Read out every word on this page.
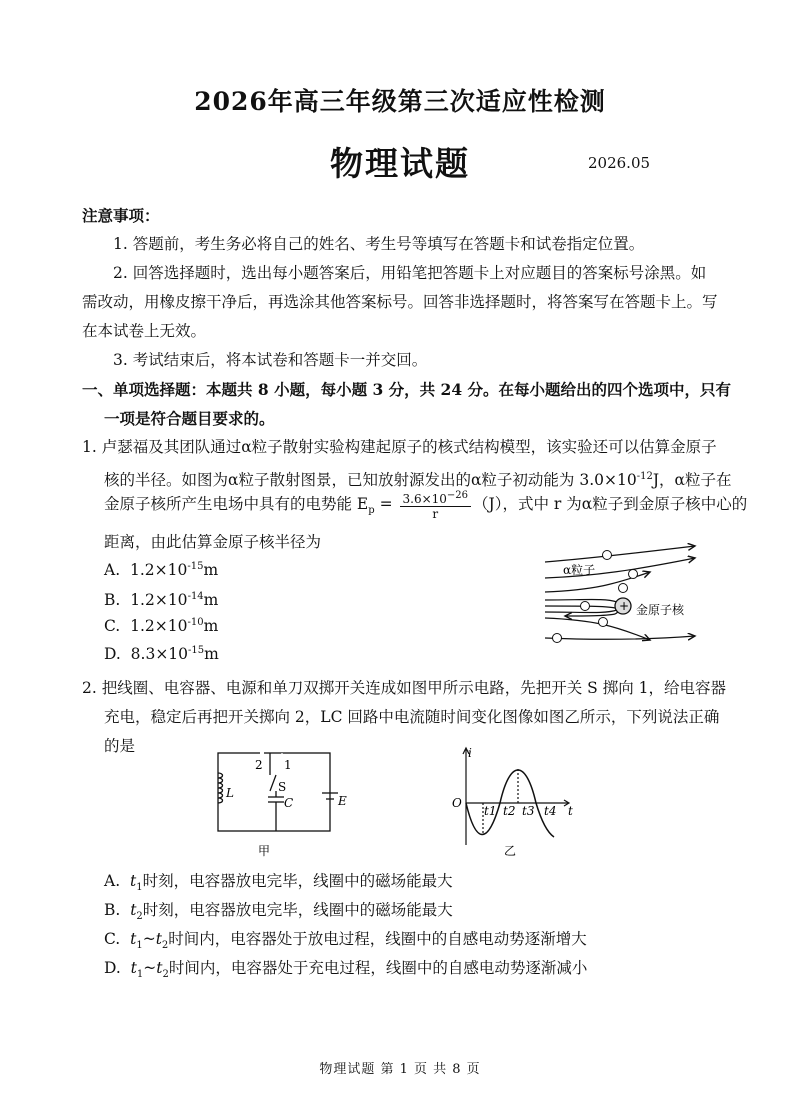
2026年高三年级第三次适应性检测
物理试题	2026.05
注意事项：
1. 答题前，考生务必将自己的姓名、考生号等填写在答题卡和试卷指定位置。
2. 回答选择题时，选出每小题答案后，用铅笔把答题卡上对应题目的答案标号涂黑。如
需改动，用橡皮擦干净后，再选涂其他答案标号。回答非选择题时，将答案写在答题卡上。写
在本试卷上无效。
3. 考试结束后，将本试卷和答题卡一并交回。
一、单项选择题：本题共 8 小题，每小题 3 分，共 24 分。在每小题给出的四个选项中，只有
一项是符合题目要求的。
1. 卢瑟福及其团队通过α粒子散射实验构建起原子的核式结构模型，该实验还可以估算金原子
核的半径。如图为α粒子散射图景，已知放射源发出的α粒子初动能为 $3.0\times 10^{-12}J$，α粒子在
金原子核所产生电场中具有的电势能 $E_p = \frac{3.6\times 10^{-26}}{r} (J)$，式中 r 为α粒子到金原子核中心的
距离，由此估算金原子核半径为
A. $1.2\times 10^{-15}m$
B. $1.2\times 10^{-14}m$
C. $1.2\times 10^{-10}m$
D. $8.3\times 10^{-15}m$
+
α粒子
金原子核
2. 把线圈、电容器、电源和单刀双掷开关连成如图甲所示电路，先把开关 S 掷向 1，给电容器
充电，稳定后再把开关掷向 2，LC 回路中电流随时间变化图像如图乙所示，下列说法正确
的是
2 1
S
L
C	E
甲
i
t
O
t1 t2 t3 t4
乙
A. $t_1$时刻，电容器放电完毕，线圈中的磁场能最大
B. $t_2$时刻，电容器放电完毕，线圈中的磁场能最大
C. $t_1\sim t_2$时间内，电容器处于放电过程，线圈中的自感电动势逐渐增大
D. $t_1\sim t_2$时间内，电容器处于充电过程，线圈中的自感电动势逐渐减小
物理试题 第 1 页 共 8 页
